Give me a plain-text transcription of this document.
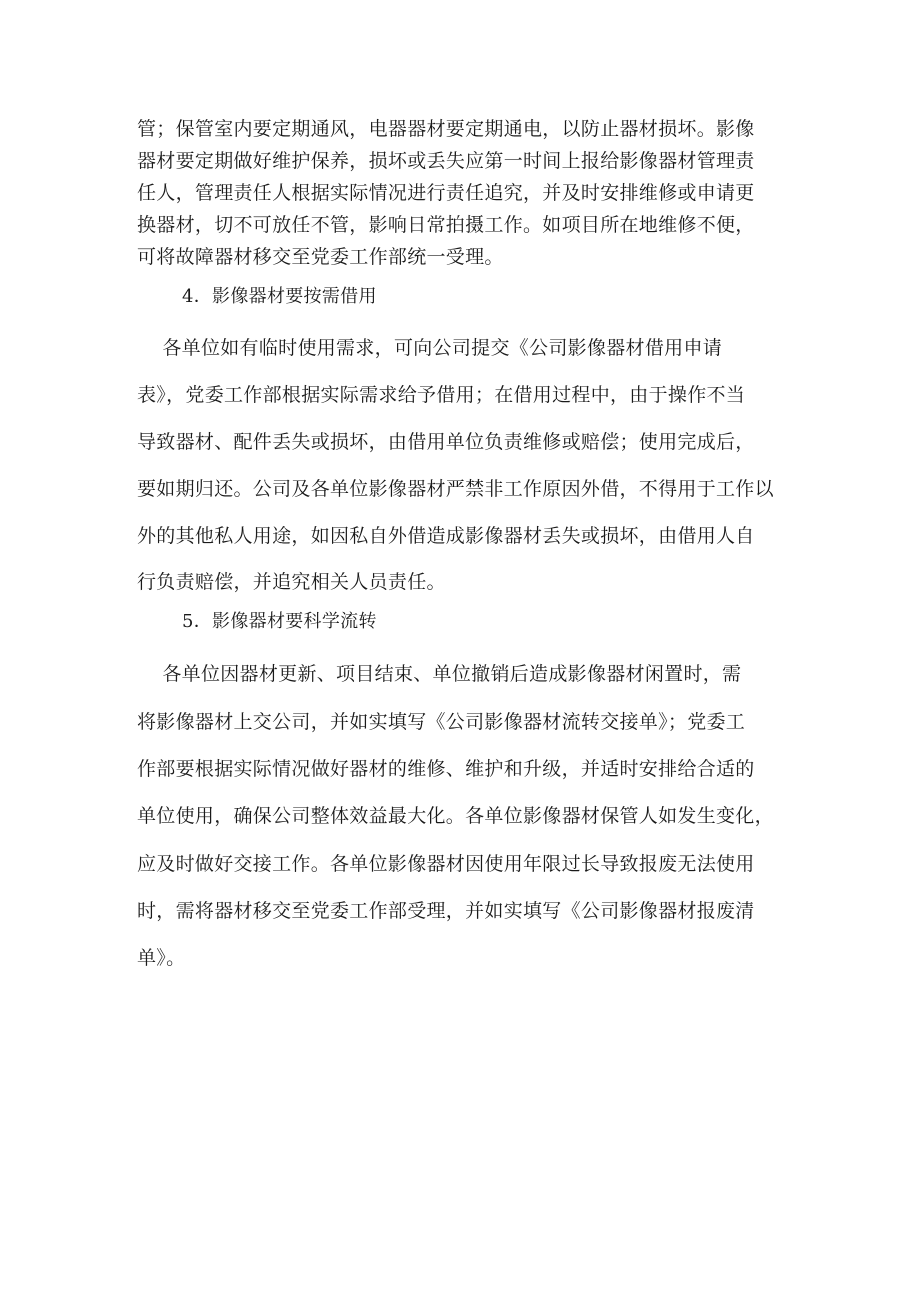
管；保管室内要定期通风，电器器材要定期通电，以防止器材损坏。影像
器材要定期做好维护保养，损坏或丢失应第一时间上报给影像器材管理责
任人，管理责任人根据实际情况进行责任追究，并及时安排维修或申请更
换器材，切不可放任不管，影响日常拍摄工作。如项目所在地维修不便，
可将故障器材移交至党委工作部统一受理。
4．影像器材要按需借用
各单位如有临时使用需求，可向公司提交《公司影像器材借用申请
表》，党委工作部根据实际需求给予借用；在借用过程中，由于操作不当
导致器材、配件丢失或损坏，由借用单位负责维修或赔偿；使用完成后，
要如期归还。公司及各单位影像器材严禁非工作原因外借，不得用于工作以
外的其他私人用途，如因私自外借造成影像器材丢失或损坏，由借用人自
行负责赔偿，并追究相关人员责任。
5．影像器材要科学流转
各单位因器材更新、项目结束、单位撤销后造成影像器材闲置时，需
将影像器材上交公司，并如实填写《公司影像器材流转交接单》；党委工
作部要根据实际情况做好器材的维修、维护和升级，并适时安排给合适的
单位使用，确保公司整体效益最大化。各单位影像器材保管人如发生变化，
应及时做好交接工作。各单位影像器材因使用年限过长导致报废无法使用
时，需将器材移交至党委工作部受理，并如实填写《公司影像器材报废清
单》。
